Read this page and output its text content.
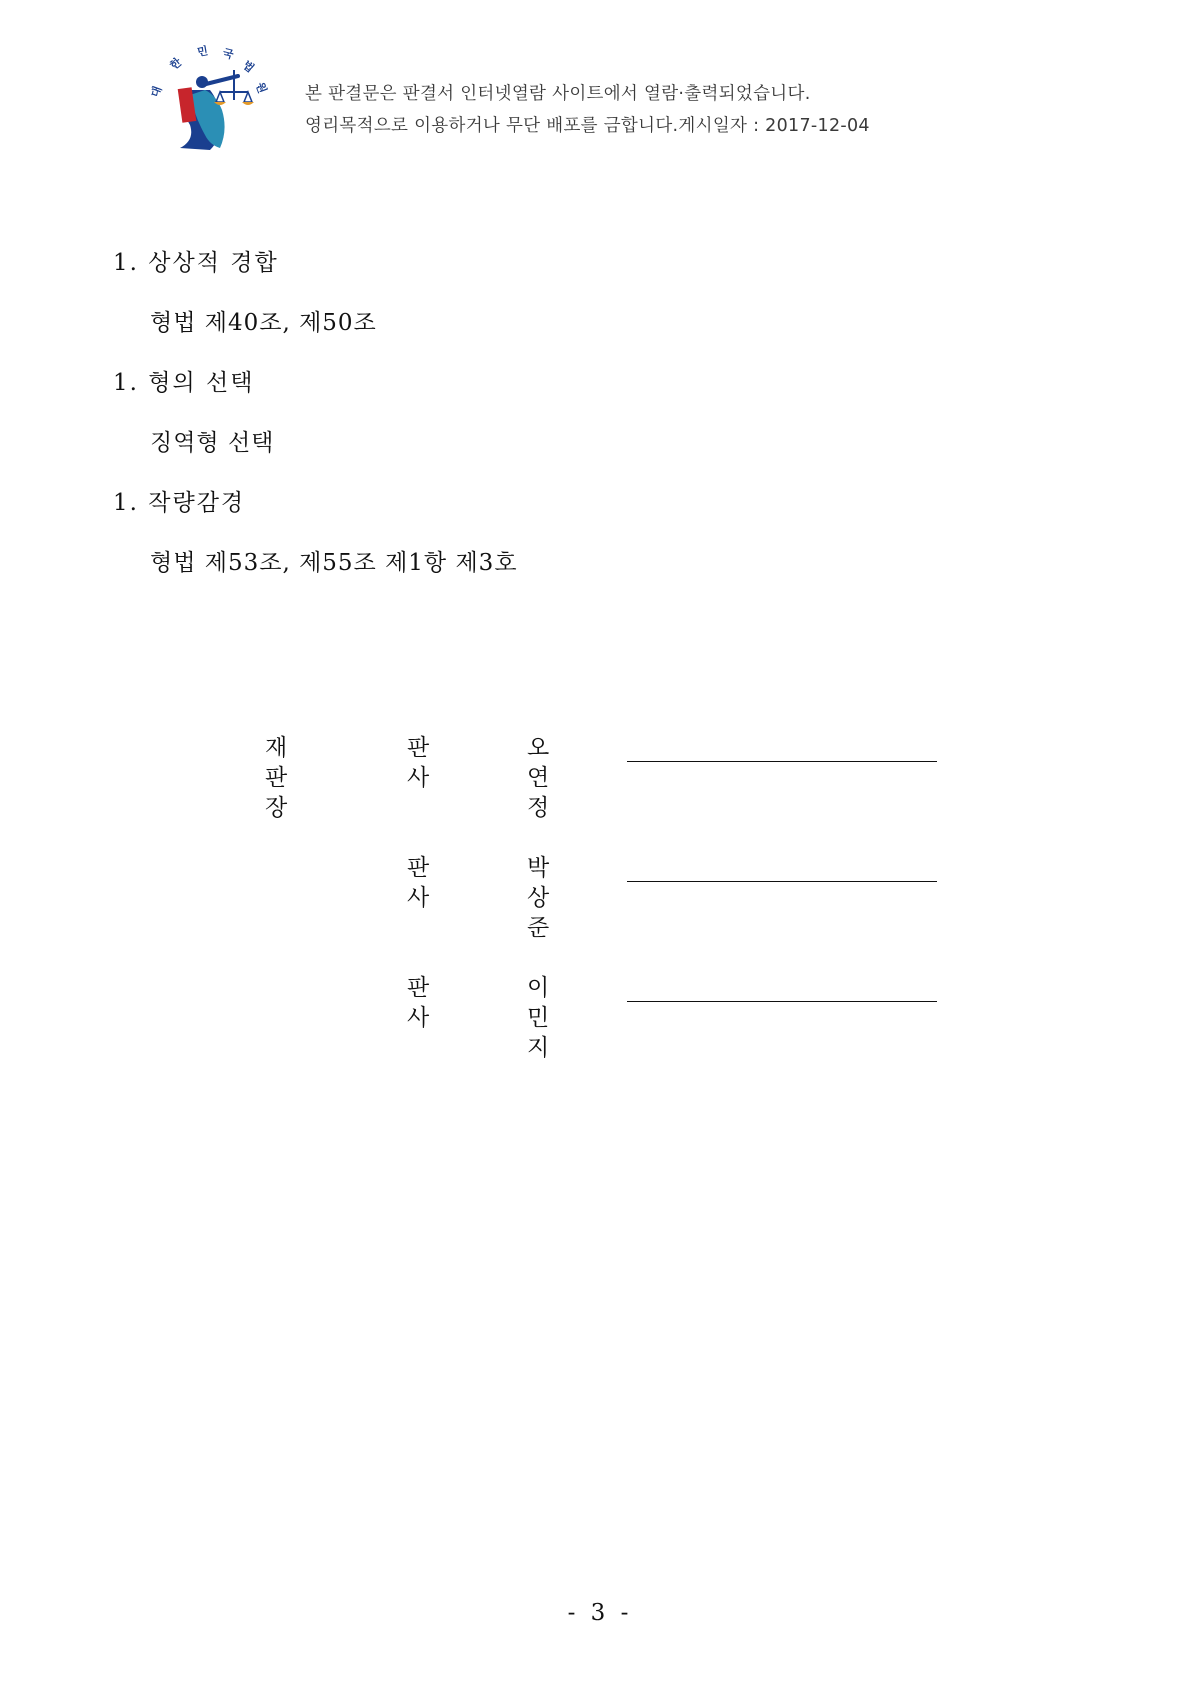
대
한
민 국
법
원 본 판결문은 판결서 인터넷열람 사이트에서 열람·출력되었습니다.
영리목적으로 이용하거나 무단 배포를 금합니다.게시일자 : 2017-12-04
1. 상상적 경합
형법 제40조, 제50조
1. 형의 선택
징역형 선택
1. 작량감경
형법 제53조, 제55조 제1항 제3호
재판장
판사
오연정
판사
박상준
판사
이민지
- 3 -
